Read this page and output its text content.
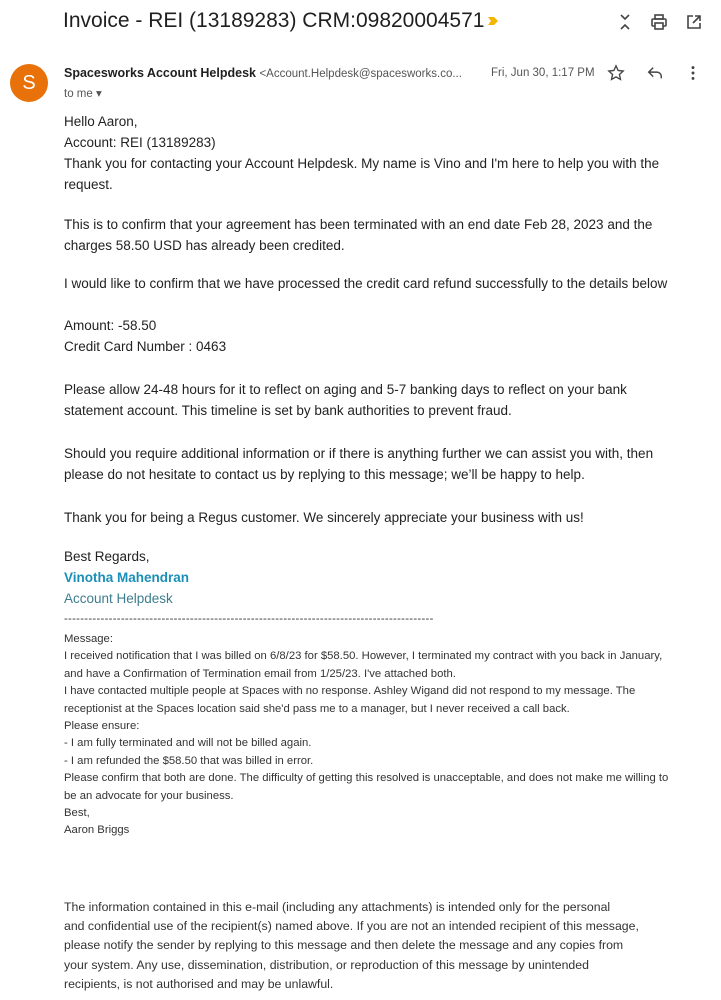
Invoice - REI (13189283) CRM:09820004571
S	Spacesworks Account Helpdesk <Account.Helpdesk@spacesworks.co...	Fri, Jun 30, 1:17 PM
to me ▾
Hello Aaron,
Account: REI (13189283)
Thank you for contacting your Account Helpdesk. My name is Vino and I'm here to help you with the
request.
This is to confirm that your agreement has been terminated with an end date Feb 28, 2023 and the
charges 58.50 USD has already been credited.
I would like to confirm that we have processed the credit card refund successfully to the details below
Amount: -58.50
Credit Card Number : 0463
Please allow 24-48 hours for it to reflect on aging and 5-7 banking days to reflect on your bank
statement account. This timeline is set by bank authorities to prevent fraud.
Should you require additional information or if there is anything further we can assist you with, then
please do not hesitate to contact us by replying to this message; we’ll be happy to help.
Thank you for being a Regus customer. We sincerely appreciate your business with us!
Best Regards,
Vinotha Mahendran
Account Helpdesk
-------------------------------------------------------------------------------------------
Message:
I received notification that I was billed on 6/8/23 for $58.50. However, I terminated my contract with you back in January,
and have a Confirmation of Termination email from 1/25/23. I've attached both.
I have contacted multiple people at Spaces with no response. Ashley Wigand did not respond to my message. The
receptionist at the Spaces location said she'd pass me to a manager, but I never received a call back.
Please ensure:
- I am fully terminated and will not be billed again.
- I am refunded the $58.50 that was billed in error.
Please confirm that both are done. The difficulty of getting this resolved is unacceptable, and does not make me willing to
be an advocate for your business.
Best,
Aaron Briggs
The information contained in this e-mail (including any attachments) is intended only for the personal
and confidential use of the recipient(s) named above. If you are not an intended recipient of this message,
please notify the sender by replying to this message and then delete the message and any copies from
your system. Any use, dissemination, distribution, or reproduction of this message by unintended
recipients, is not authorised and may be unlawful.
